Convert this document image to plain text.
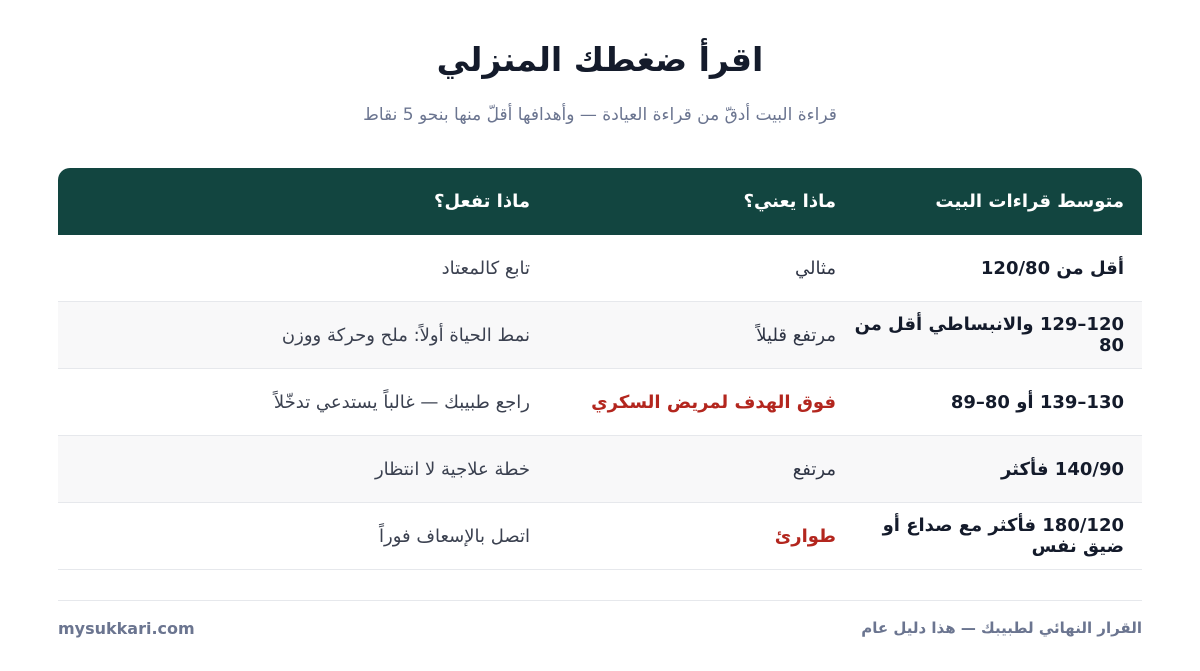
اقرأ ضغطك المنزلي

قراءة البيت أدقّ من قراءة العيادة — وأهدافها أقلّ منها بنحو 5 نقاط

متوسط قراءات البيت
ماذا يعني؟
ماذا تفعل؟
أقل من 120/80
مثالي
تابع كالمعتاد
120–129 والانبساطي أقل من 80
مرتفع قليلاً
نمط الحياة أولاً: ملح وحركة ووزن
130–139 أو 80–89
فوق الهدف لمريض السكري
راجع طبيبك — غالباً يستدعي تدخّلاً
140/90 فأكثر
مرتفع
خطة علاجية لا انتظار
180/120 فأكثر مع صداع أو ضيق نفس
طوارئ
اتصل بالإسعاف فوراً
القرار النهائي لطبيبك — هذا دليل عام
mysukkari.com
